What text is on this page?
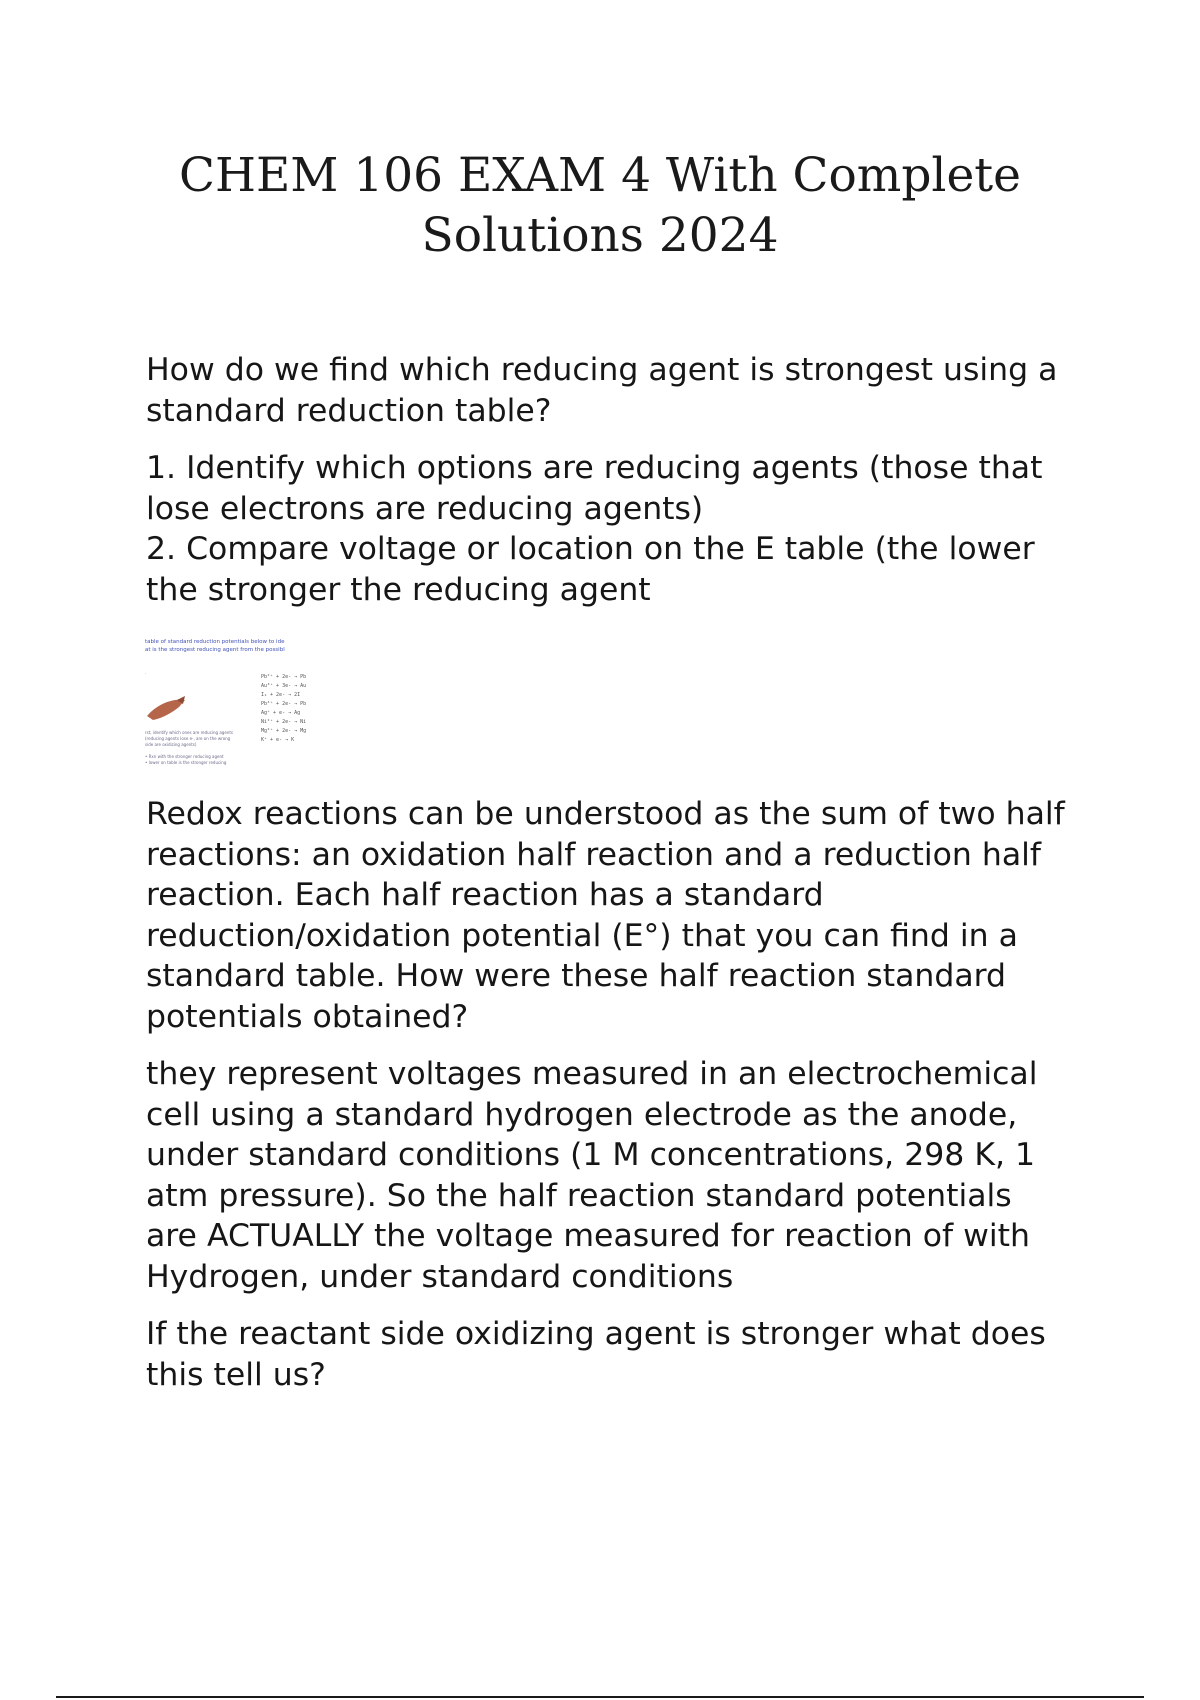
CHEM 106 EXAM 4 With Complete
Solutions 2024

How do we find which reducing agent is strongest using a
standard reduction table?

1. Identify which options are reducing agents (those that
lose electrons are reducing agents)
2. Compare voltage or location on the E table (the lower
the stronger the reducing agent

table of standard reduction potentials below to ide
at is the strongest reducing agent from the possibl
.
Pb²⁺ + 2e- → Pb
Au³⁺ + 3e- → Au
I₂ + 2e- → 2I
Pb⁴⁺ + 2e- → Pb
Ag⁺ + e- → Ag
Ni²⁺ + 2e- → Ni
Mg²⁺ + 2e- → Mg
K⁺ + e- → K
rst, identify which ones are reducing agents
(reducing agents lose e-, are on the wrong
side are oxidizing agents)
• Rxn with the stronger reducing agent
• lower on table is the stronger reducing

Redox reactions can be understood as the sum of two half
reactions: an oxidation half reaction and a reduction half
reaction. Each half reaction has a standard
reduction/oxidation potential (E°) that you can find in a
standard table. How were these half reaction standard
potentials obtained?

they represent voltages measured in an electrochemical
cell using a standard hydrogen electrode as the anode,
under standard conditions (1 M concentrations, 298 K, 1
atm pressure). So the half reaction standard potentials
are ACTUALLY the voltage measured for reaction of with
Hydrogen, under standard conditions

If the reactant side oxidizing agent is stronger what does
this tell us?
